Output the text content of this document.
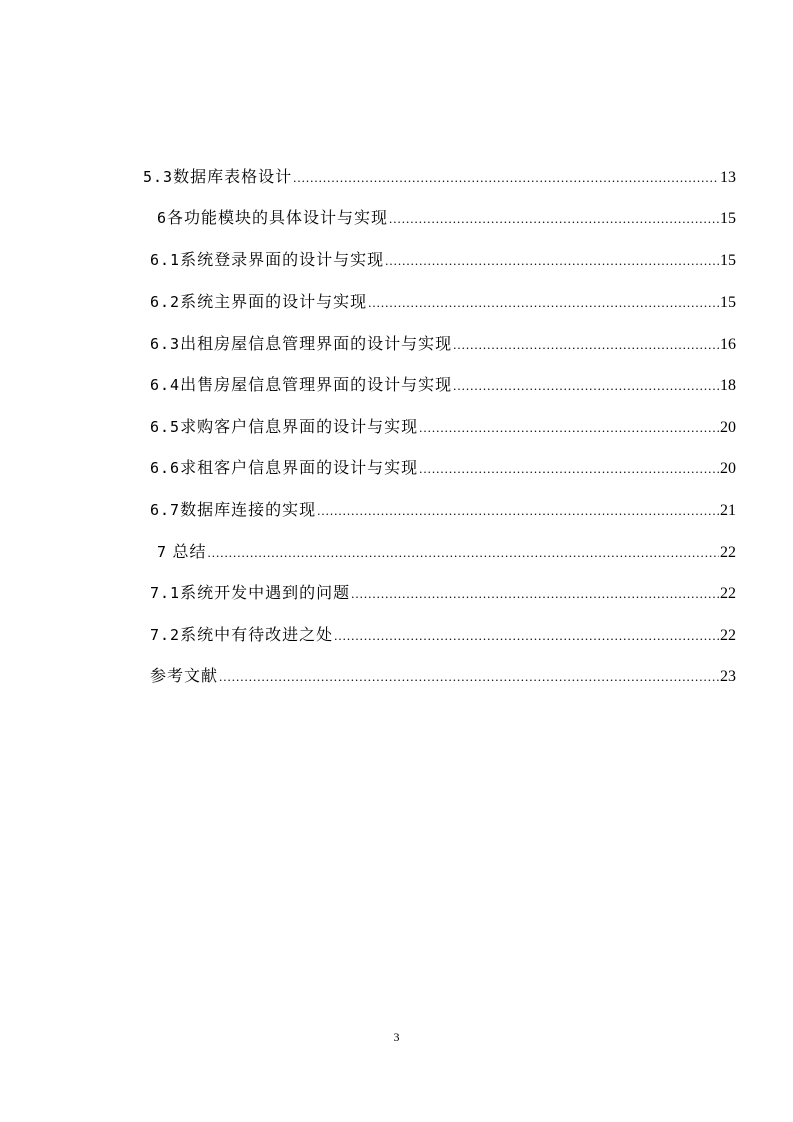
5.3 数据库表格设计 .....	13
6 各功能模块的具体设计与实现 .....	15
6.1 系统登录界面的设计与实现 .....	15
6.2 系统主界面的设计与实现 .....	15
6.3 出租房屋信息管理界面的设计与实现 .....	16
6.4 出售房屋信息管理界面的设计与实现 .....	18
6.5 求购客户信息界面的设计与实现 .....	20
6.6 求租客户信息界面的设计与实现 .....	20
6.7 数据库连接的实现 .....	21
7 总结 .....	22
7.1 系统开发中遇到的问题 .....	22
7.2 系统中有待改进之处 .....	22
参考文献 .....	23
3
